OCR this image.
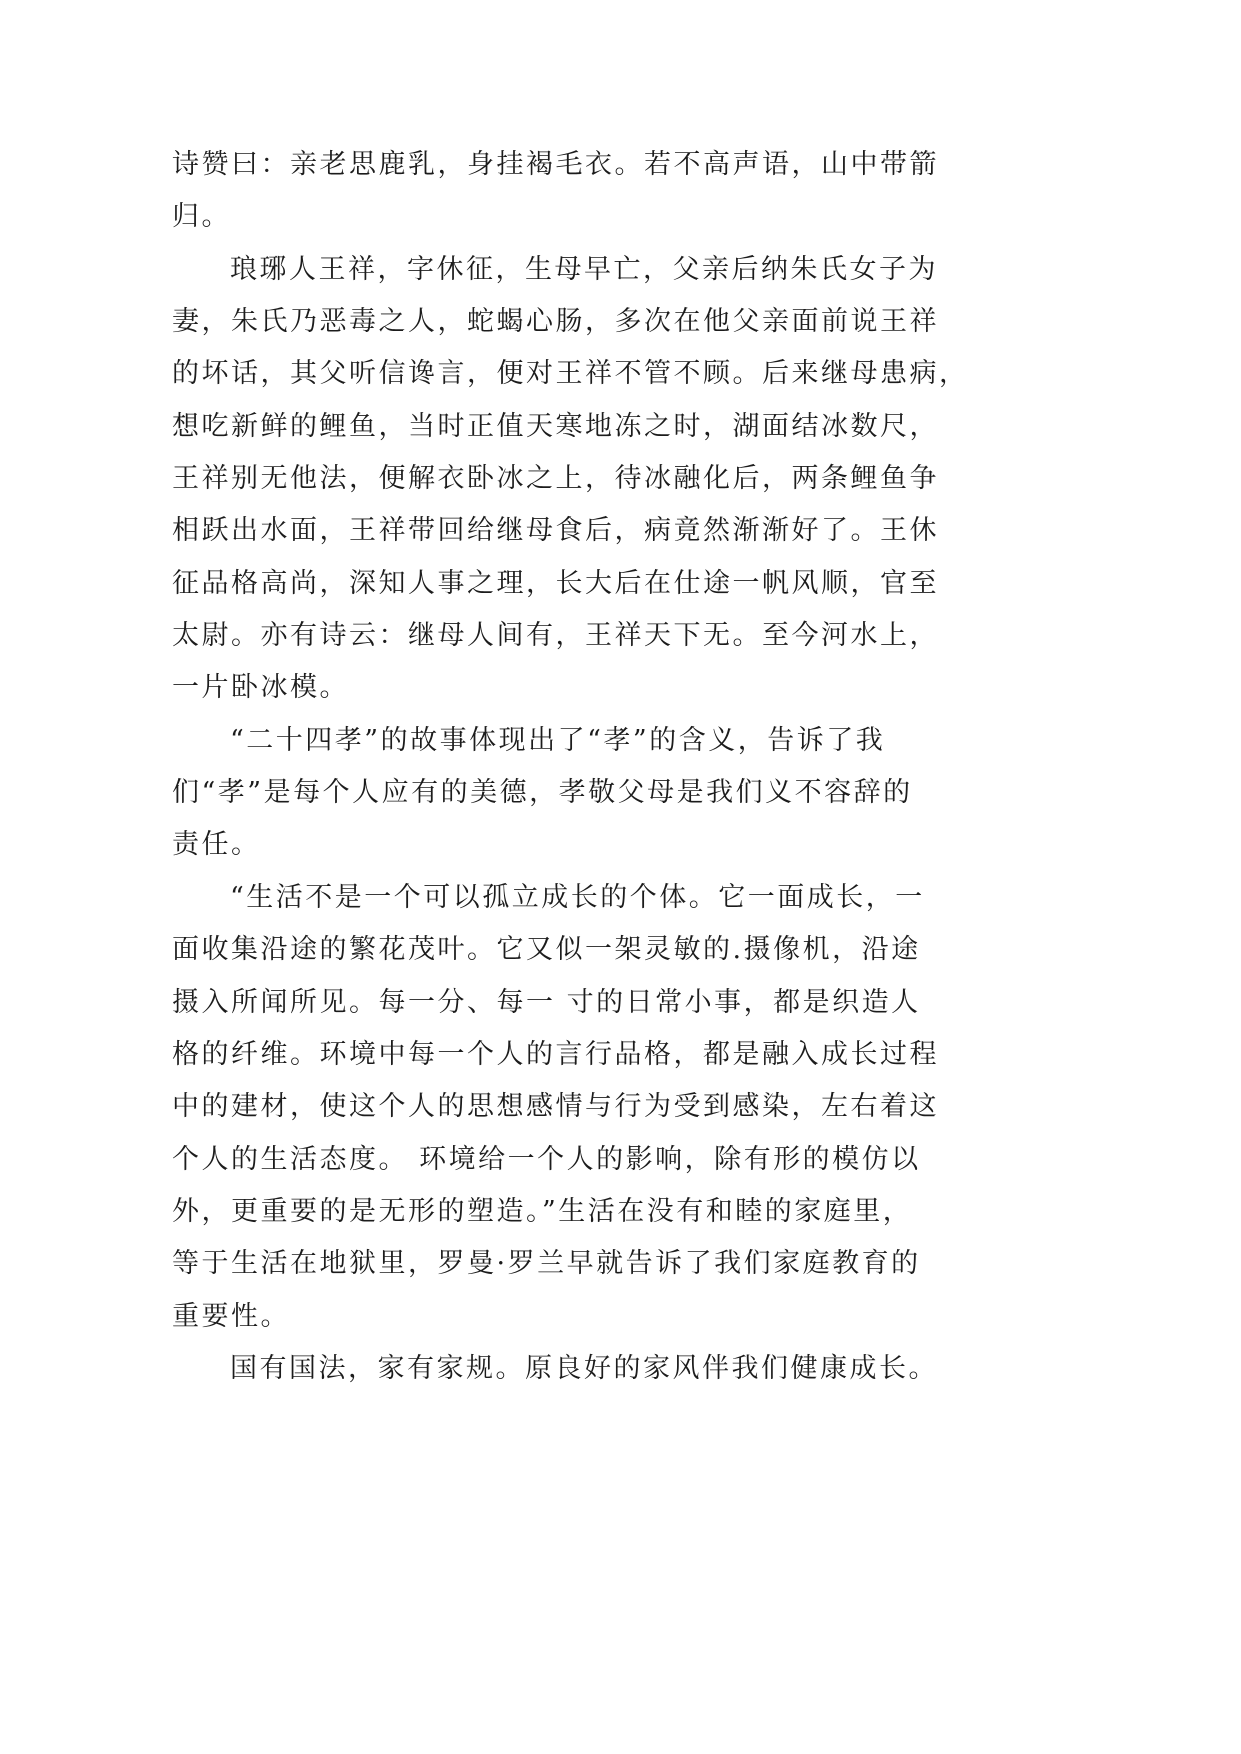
诗赞曰：亲老思鹿乳，身挂褐毛衣。若不高声语，山中带箭
归。
琅琊人王祥，字休征，生母早亡，父亲后纳朱氏女子为
妻，朱氏乃恶毒之人，蛇蝎心肠，多次在他父亲面前说王祥
的坏话，其父听信谗言，便对王祥不管不顾。后来继母患病，
想吃新鲜的鲤鱼，当时正值天寒地冻之时，湖面结冰数尺，
王祥别无他法，便解衣卧冰之上，待冰融化后，两条鲤鱼争
相跃出水面，王祥带回给继母食后，病竟然渐渐好了。王休
征品格高尚，深知人事之理，长大后在仕途一帆风顺，官至
太尉。亦有诗云：继母人间有，王祥天下无。至今河水上，
一片卧冰模。
“二十四孝”的故事体现出了“孝”的含义，告诉了我
们“孝”是每个人应有的美德，孝敬父母是我们义不容辞的
责任。
“生活不是一个可以孤立成长的个体。它一面成长，一
面收集沿途的繁花茂叶。它又似一架灵敏的.摄像机，沿途
摄入所闻所见。每一分、每一 寸的日常小事，都是织造人
格的纤维。环境中每一个人的言行品格，都是融入成长过程
中的建材，使这个人的思想感情与行为受到感染，左右着这
个人的生活态度。 环境给一个人的影响，除有形的模仿以
外，更重要的是无形的塑造。”生活在没有和睦的家庭里，
等于生活在地狱里，罗曼·罗兰早就告诉了我们家庭教育的
重要性。
国有国法，家有家规。原良好的家风伴我们健康成长。
